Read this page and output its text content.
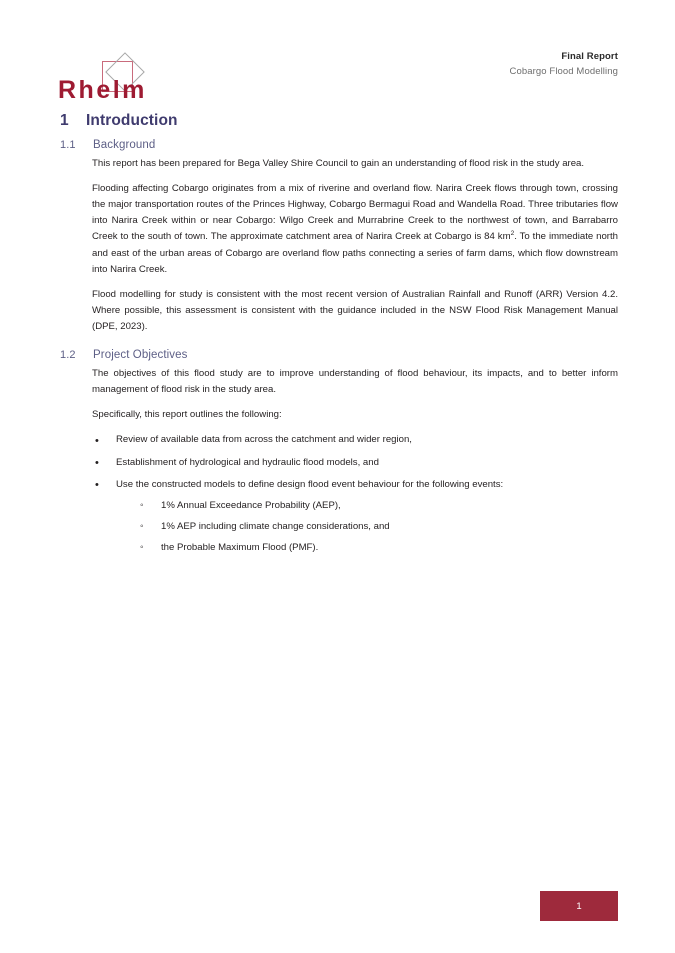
Rhelm
Final Report
Cobargo Flood Modelling
1	Introduction
1.1	Background

This report has been prepared for Bega Valley Shire Council to gain an understanding of flood risk in the study area.

Flooding affecting Cobargo originates from a mix of riverine and overland flow. Narira Creek flows through town, crossing the major transportation routes of the Princes Highway, Cobargo Bermagui Road and Wandella Road. Three tributaries flow into Narira Creek within or near Cobargo: Wilgo Creek and Murrabrine Creek to the northwest of town, and Barrabarro Creek to the south of town. The approximate catchment area of Narira Creek at Cobargo is 84 $km^2$. To the immediate north and east of the urban areas of Cobargo are overland flow paths connecting a series of farm dams, which flow downstream into Narira Creek.

Flood modelling for study is consistent with the most recent version of Australian Rainfall and Runoff (ARR) Version 4.2. Where possible, this assessment is consistent with the guidance included in the NSW Flood Risk Management Manual (DPE, 2023).

1.2	Project Objectives

The objectives of this flood study are to improve understanding of flood behaviour, its impacts, and to better inform management of flood risk in the study area.

Specifically, this report outlines the following:

• Review of available data from across the catchment and wider region,
• Establishment of hydrological and hydraulic flood models, and
• Use the constructed models to define design flood event behaviour for the following events:
◦ 1% Annual Exceedance Probability (AEP),
◦ 1% AEP including climate change considerations, and
◦ the Probable Maximum Flood (PMF).
1
